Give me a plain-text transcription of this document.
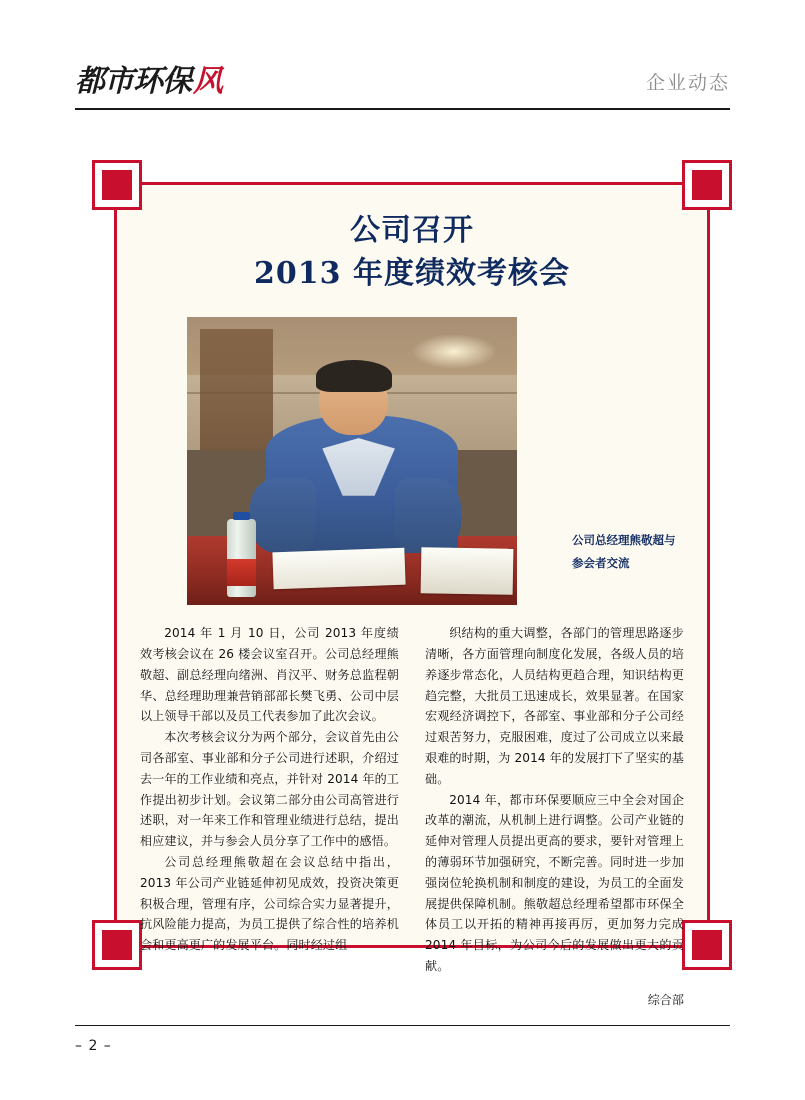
都市环保 风	企业动态
公司召开
2013 年度绩效考核会
公司总经理熊敬超与参会者交流

2014 年 1 月 10 日，公司 2013 年度绩效考核会议在 26 楼会议室召开。公司总经理熊敬超、副总经理向绪洲、肖汉平、财务总监程朝华、总经理助理兼营销部部长樊飞勇、公司中层以上领导干部以及员工代表参加了此次会议。

本次考核会议分为两个部分，会议首先由公司各部室、事业部和分子公司进行述职，介绍过去一年的工作业绩和亮点，并针对 2014 年的工作提出初步计划。会议第二部分由公司高管进行述职，对一年来工作和管理业绩进行总结，提出相应建议，并与参会人员分享了工作中的感悟。

公司总经理熊敬超在会议总结中指出，2013 年公司产业链延伸初见成效，投资决策更积极合理，管理有序，公司综合实力显著提升，抗风险能力提高，为员工提供了综合性的培养机会和更高更广的发展平台。同时经过组

织结构的重大调整，各部门的管理思路逐步清晰，各方面管理向制度化发展，各级人员的培养逐步常态化，人员结构更趋合理，知识结构更趋完整，大批员工迅速成长，效果显著。在国家宏观经济调控下，各部室、事业部和分子公司经过艰苦努力，克服困难，度过了公司成立以来最艰难的时期，为 2014 年的发展打下了坚实的基础。

2014 年，都市环保要顺应三中全会对国企改革的潮流，从机制上进行调整。公司产业链的延伸对管理人员提出更高的要求，要针对管理上的薄弱环节加强研究，不断完善。同时进一步加强岗位轮换机制和制度的建设，为员工的全面发展提供保障机制。熊敬超总经理希望都市环保全体员工以开拓的精神再接再厉，更加努力完成 2014 年目标，为公司今后的发展做出更大的贡献。

综合部
– 2 –
